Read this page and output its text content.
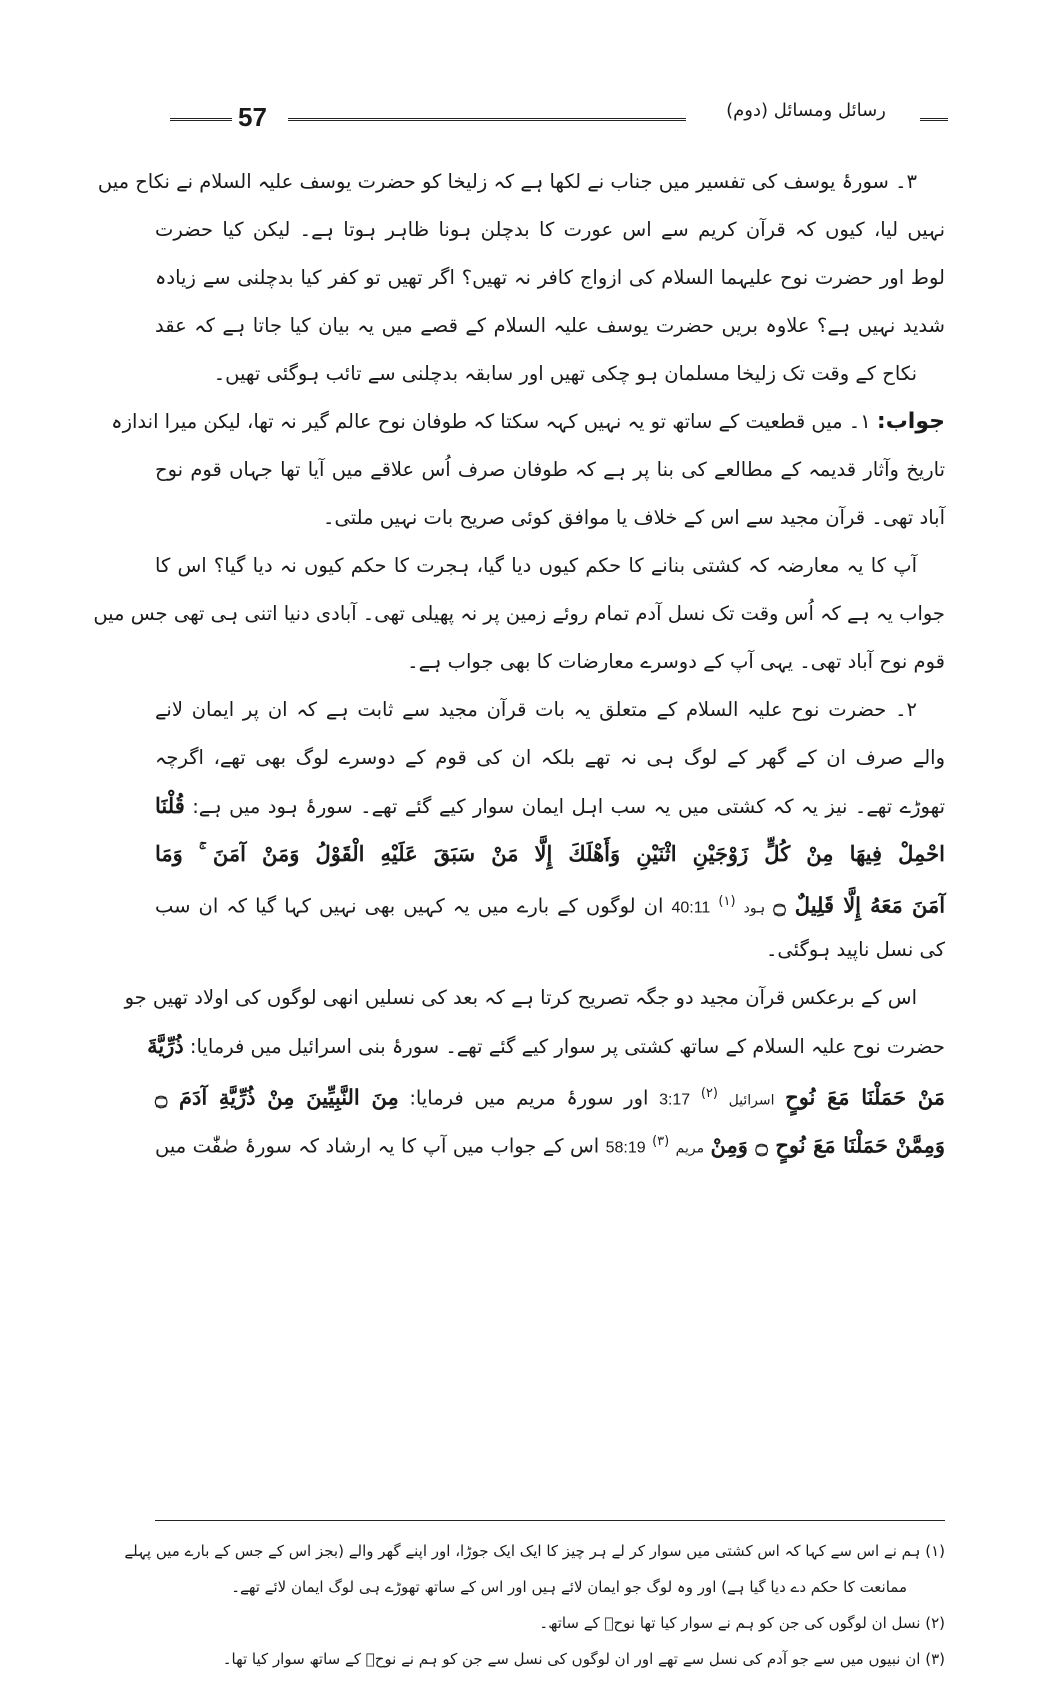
57	رسائل ومسائل (دوم)
۳۔ سورۂ یوسف کی تفسیر میں جناب نے لکھا ہے کہ زلیخا کو حضرت یوسف علیہ السلام نے نکاح میں
نہیں لیا، کیوں کہ قرآن کریم سے اس عورت کا بدچلن ہونا ظاہر ہوتا ہے۔ لیکن کیا حضرت
لوط اور حضرت نوح علیہما السلام کی ازواج کافر نہ تھیں؟ اگر تھیں تو کفر کیا بدچلنی سے زیادہ
شدید نہیں ہے؟ علاوہ بریں حضرت یوسف علیہ السلام کے قصے میں یہ بیان کیا جاتا ہے کہ عقد
نکاح کے وقت تک زلیخا مسلمان ہو چکی تھیں اور سابقہ بدچلنی سے تائب ہوگئی تھیں۔
جواب: ۱۔ میں قطعیت کے ساتھ تو یہ نہیں کہہ سکتا کہ طوفان نوح عالم گیر نہ تھا، لیکن میرا اندازہ
تاریخ وآثار قدیمہ کے مطالعے کی بنا پر ہے کہ طوفان صرف اُس علاقے میں آیا تھا جہاں قوم نوح
آباد تھی۔ قرآن مجید سے اس کے خلاف یا موافق کوئی صریح بات نہیں ملتی۔
آپ کا یہ معارضہ کہ کشتی بنانے کا حکم کیوں دیا گیا، ہجرت کا حکم کیوں نہ دیا گیا؟ اس کا
جواب یہ ہے کہ اُس وقت تک نسل آدم تمام روئے زمین پر نہ پھیلی تھی۔ آبادی دنیا اتنی ہی تھی جس میں
قوم نوح آباد تھی۔ یہی آپ کے دوسرے معارضات کا بھی جواب ہے۔
۲۔ حضرت نوح علیہ السلام کے متعلق یہ بات قرآن مجید سے ثابت ہے کہ ان پر ایمان لانے
والے صرف ان کے گھر کے لوگ ہی نہ تھے بلکہ ان کی قوم کے دوسرے لوگ بھی تھے، اگرچہ
تھوڑے تھے۔ نیز یہ کہ کشتی میں یہ سب اہل ایمان سوار کیے گئے تھے۔ سورۂ ہود میں ہے: قُلْنَا
احْمِلْ فِيهَا مِنْ كُلٍّ زَوْجَيْنِ اثْنَيْنِ وَأَهْلَكَ إِلَّا مَنْ سَبَقَ عَلَيْهِ الْقَوْلُ وَمَنْ آمَنَ ۚ وَمَا
آمَنَ مَعَهُ إِلَّا قَلِيلٌ ۝ ہود 40:11 $^{(۱)}$ ان لوگوں کے بارے میں یہ کہیں بھی نہیں کہا گیا کہ ان سب
کی نسل ناپید ہوگئی۔
اس کے برعکس قرآن مجید دو جگہ تصریح کرتا ہے کہ بعد کی نسلیں انھی لوگوں کی اولاد تھیں جو
حضرت نوح علیہ السلام کے ساتھ کشتی پر سوار کیے گئے تھے۔ سورۂ بنی اسرائیل میں فرمایا: ذُرِّيَّةَ
مَنْ حَمَلْنَا مَعَ نُوحٍ اسرائیل 3:17 $^{(۲)}$ اور سورۂ مریم میں فرمایا: مِنَ النَّبِيِّينَ مِنْ ذُرِّيَّةِ آدَمَ ۝
وَمِمَّنْ حَمَلْنَا مَعَ نُوحٍ ۝ وَمِنْ مریم 58:19 $^{(۳)}$ اس کے جواب میں آپ کا یہ ارشاد کہ سورۂ صٰفّٰت میں
(۱) ہم نے اس سے کہا کہ اس کشتی میں سوار کر لے ہر چیز کا ایک ایک جوڑا، اور اپنے گھر والے (بجز اس کے جس کے بارے میں پہلے
ممانعت کا حکم دے دیا گیا ہے) اور وہ لوگ جو ایمان لائے ہیں اور اس کے ساتھ تھوڑے ہی لوگ ایمان لائے تھے۔
(۲) نسل ان لوگوں کی جن کو ہم نے سوار کیا تھا نوحؑ کے ساتھ۔
(۳) ان نبیوں میں سے جو آدم کی نسل سے تھے اور ان لوگوں کی نسل سے جن کو ہم نے نوحؑ کے ساتھ سوار کیا تھا۔
